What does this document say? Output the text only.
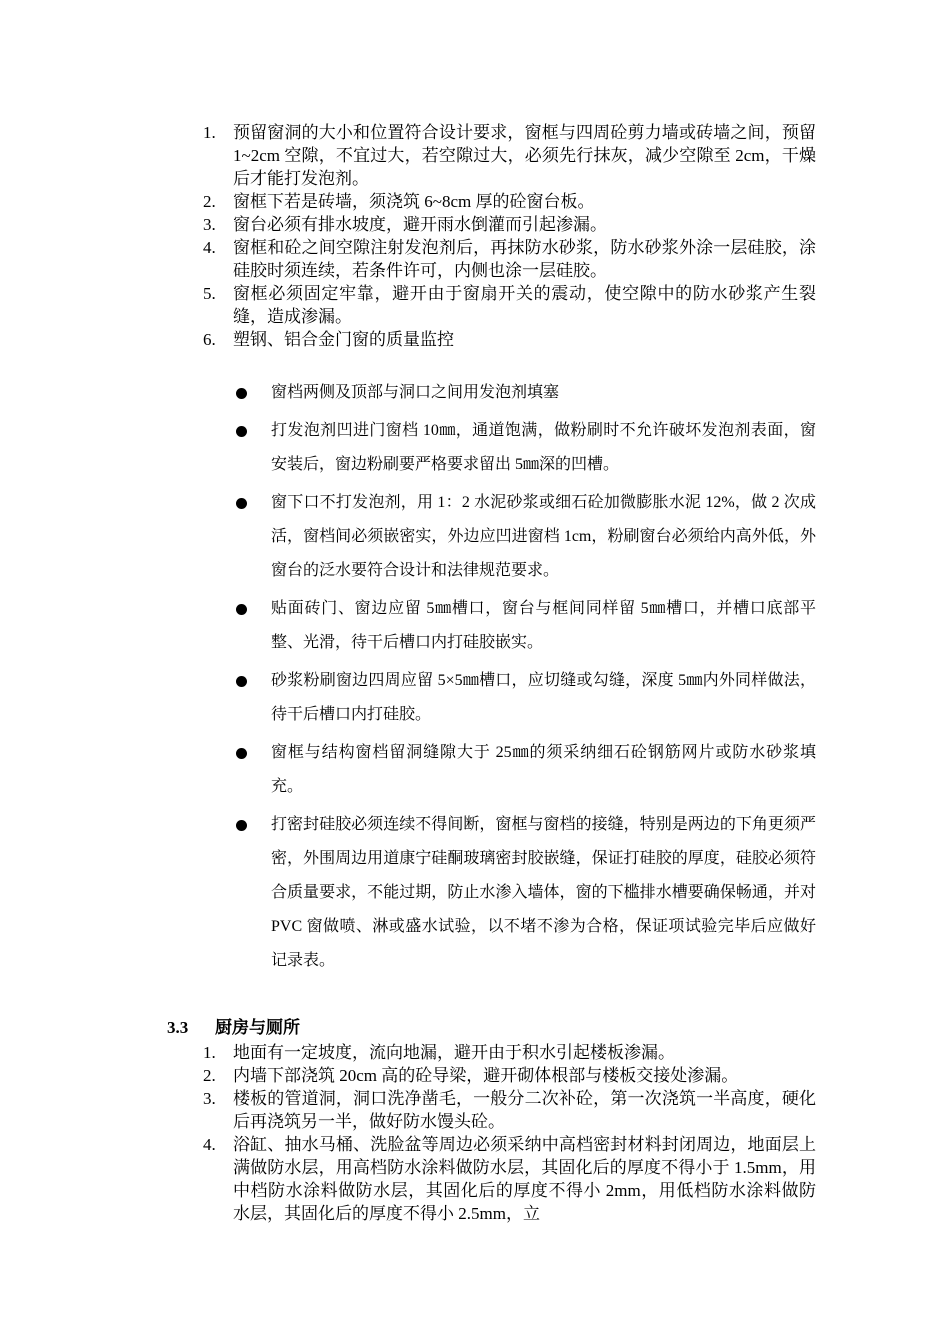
1. 预留窗洞的大小和位置符合设计要求，窗框与四周砼剪力墙或砖墙之间，预留 1~2cm 空隙，不宜过大，若空隙过大，必须先行抹灰，减少空隙至 2cm，干燥后才能打发泡剂。
2. 窗框下若是砖墙，须浇筑 6~8cm 厚的砼窗台板。
3. 窗台必须有排水坡度，避开雨水倒灌而引起渗漏。
4. 窗框和砼之间空隙注射发泡剂后，再抹防水砂浆，防水砂浆外涂一层硅胶，涂硅胶时须连续，若条件许可，内侧也涂一层硅胶。
5. 窗框必须固定牢靠，避开由于窗扇开关的震动，使空隙中的防水砂浆产生裂缝，造成渗漏。
6. 塑钢、铝合金门窗的质量监控
窗档两侧及顶部与洞口之间用发泡剂填塞
打发泡剂凹进门窗档 10㎜，通道饱满，做粉刷时不允许破坏发泡剂表面，窗安装后，窗边粉刷要严格要求留出 5㎜深的凹槽。
窗下口不打发泡剂，用 1：2 水泥砂浆或细石砼加微膨胀水泥 12%，做 2 次成活，窗档间必须嵌密实，外边应凹进窗档 1cm，粉刷窗台必须给内高外低，外窗台的泛水要符合设计和法律规范要求。
贴面砖门、窗边应留 5㎜槽口，窗台与框间同样留 5㎜槽口，并槽口底部平整、光滑，待干后槽口内打硅胶嵌实。
砂浆粉刷窗边四周应留 5×5㎜槽口，应切缝或勾缝，深度 5㎜内外同样做法，待干后槽口内打硅胶。
窗框与结构窗档留洞缝隙大于 25㎜的须采纳细石砼钢筋网片或防水砂浆填充。
打密封硅胶必须连续不得间断，窗框与窗档的接缝，特别是两边的下角更须严密，外围周边用道康宁硅酮玻璃密封胶嵌缝，保证打硅胶的厚度，硅胶必须符合质量要求，不能过期，防止水渗入墙体，窗的下槛排水槽要确保畅通，并对 PVC 窗做喷、淋或盛水试验，以不堵不渗为合格，保证项试验完毕后应做好记录表。
3.3 厨房与厕所
1. 地面有一定坡度，流向地漏，避开由于积水引起楼板渗漏。
2. 内墙下部浇筑 20cm 高的砼导梁，避开砌体根部与楼板交接处渗漏。
3. 楼板的管道洞，洞口洗净凿毛，一般分二次补砼，第一次浇筑一半高度，硬化后再浇筑另一半，做好防水馒头砼。
4. 浴缸、抽水马桶、洗脸盆等周边必须采纳中高档密封材料封闭周边，地面层上满做防水层，用高档防水涂料做防水层，其固化后的厚度不得小于 1.5mm，用中档防水涂料做防水层，其固化后的厚度不得小 2mm，用低档防水涂料做防水层，其固化后的厚度不得小 2.5mm，立
